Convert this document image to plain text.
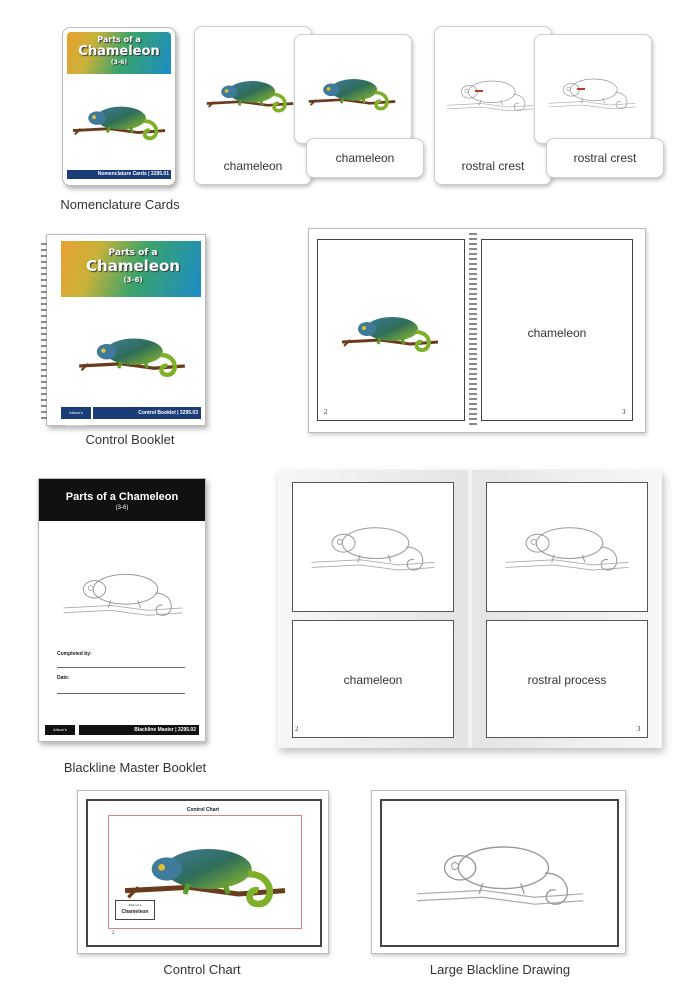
Parts of a
Chameleon
(3-6)
Nomenclature Cards | 3295.01
chameleon
chameleon
rostral crest
rostral crest
Nomenclature Cards
Parts of a
Chameleon
(3-6)
Alison's Montessori
Control Booklet | 3295.03
Control Booklet
2
chameleon
3
Parts of a Chameleon
(3-6)
Completed by:
Date:
Alison's Montessori
Blackline Master | 3295.02
Blackline Master Booklet
chameleon
2
rostral process
3
Control Chart
Parts of a
Chameleon
2
Control Chart	Large Blackline Drawing
